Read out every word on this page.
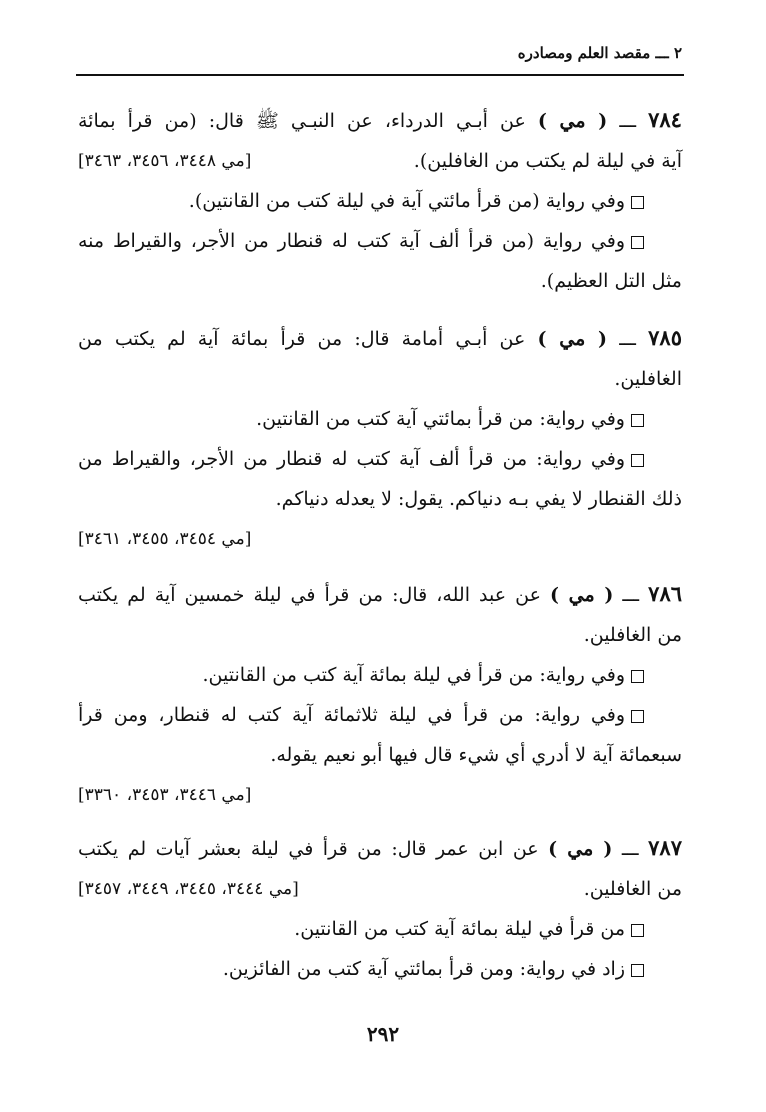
٢ ـــ مقصد العلم ومصادره
٧٨٤ ـــ ( مي ) عن أبـي الدرداء، عن النبـي ﷺ قال: (من قرأ بمائة
آية في ليلة لم يكتب من الغافلين).
[مي ٣٤٤٨، ٣٤٥٦، ٣٤٦٣]
وفي رواية (من قرأ مائتي آية في ليلة كتب من القانتين).
وفي رواية (من قرأ ألف آية كتب له قنطار من الأجر، والقيراط منه
مثل التل العظيم).
٧٨٥ ـــ ( مي ) عن أبـي أمامة قال: من قرأ بمائة آية لم يكتب من
الغافلين.
وفي رواية: من قرأ بمائتي آية كتب من القانتين.
وفي رواية: من قرأ ألف آية كتب له قنطار من الأجر، والقيراط من
ذلك القنطار لا يفي بـه دنياكم. يقول: لا يعدله دنياكم.
[مي ٣٤٥٤، ٣٤٥٥، ٣٤٦١]
٧٨٦ ـــ ( مي ) عن عبد الله، قال: من قرأ في ليلة خمسين آية لم يكتب
من الغافلين.
وفي رواية: من قرأ في ليلة بمائة آية كتب من القانتين.
وفي رواية: من قرأ في ليلة ثلاثمائة آية كتب له قنطار، ومن قرأ
سبعمائة آية لا أدري أي شيء قال فيها أبو نعيم يقوله.
[مي ٣٤٤٦، ٣٤٥٣، ٣٣٦٠]
٧٨٧ ـــ ( مي ) عن ابن عمر قال: من قرأ في ليلة بعشر آيات لم يكتب
من الغافلين.
[مي ٣٤٤٤، ٣٤٤٥، ٣٤٤٩، ٣٤٥٧]
من قرأ في ليلة بمائة آية كتب من القانتين.
زاد في رواية: ومن قرأ بمائتي آية كتب من الفائزين.
٢٩٢
